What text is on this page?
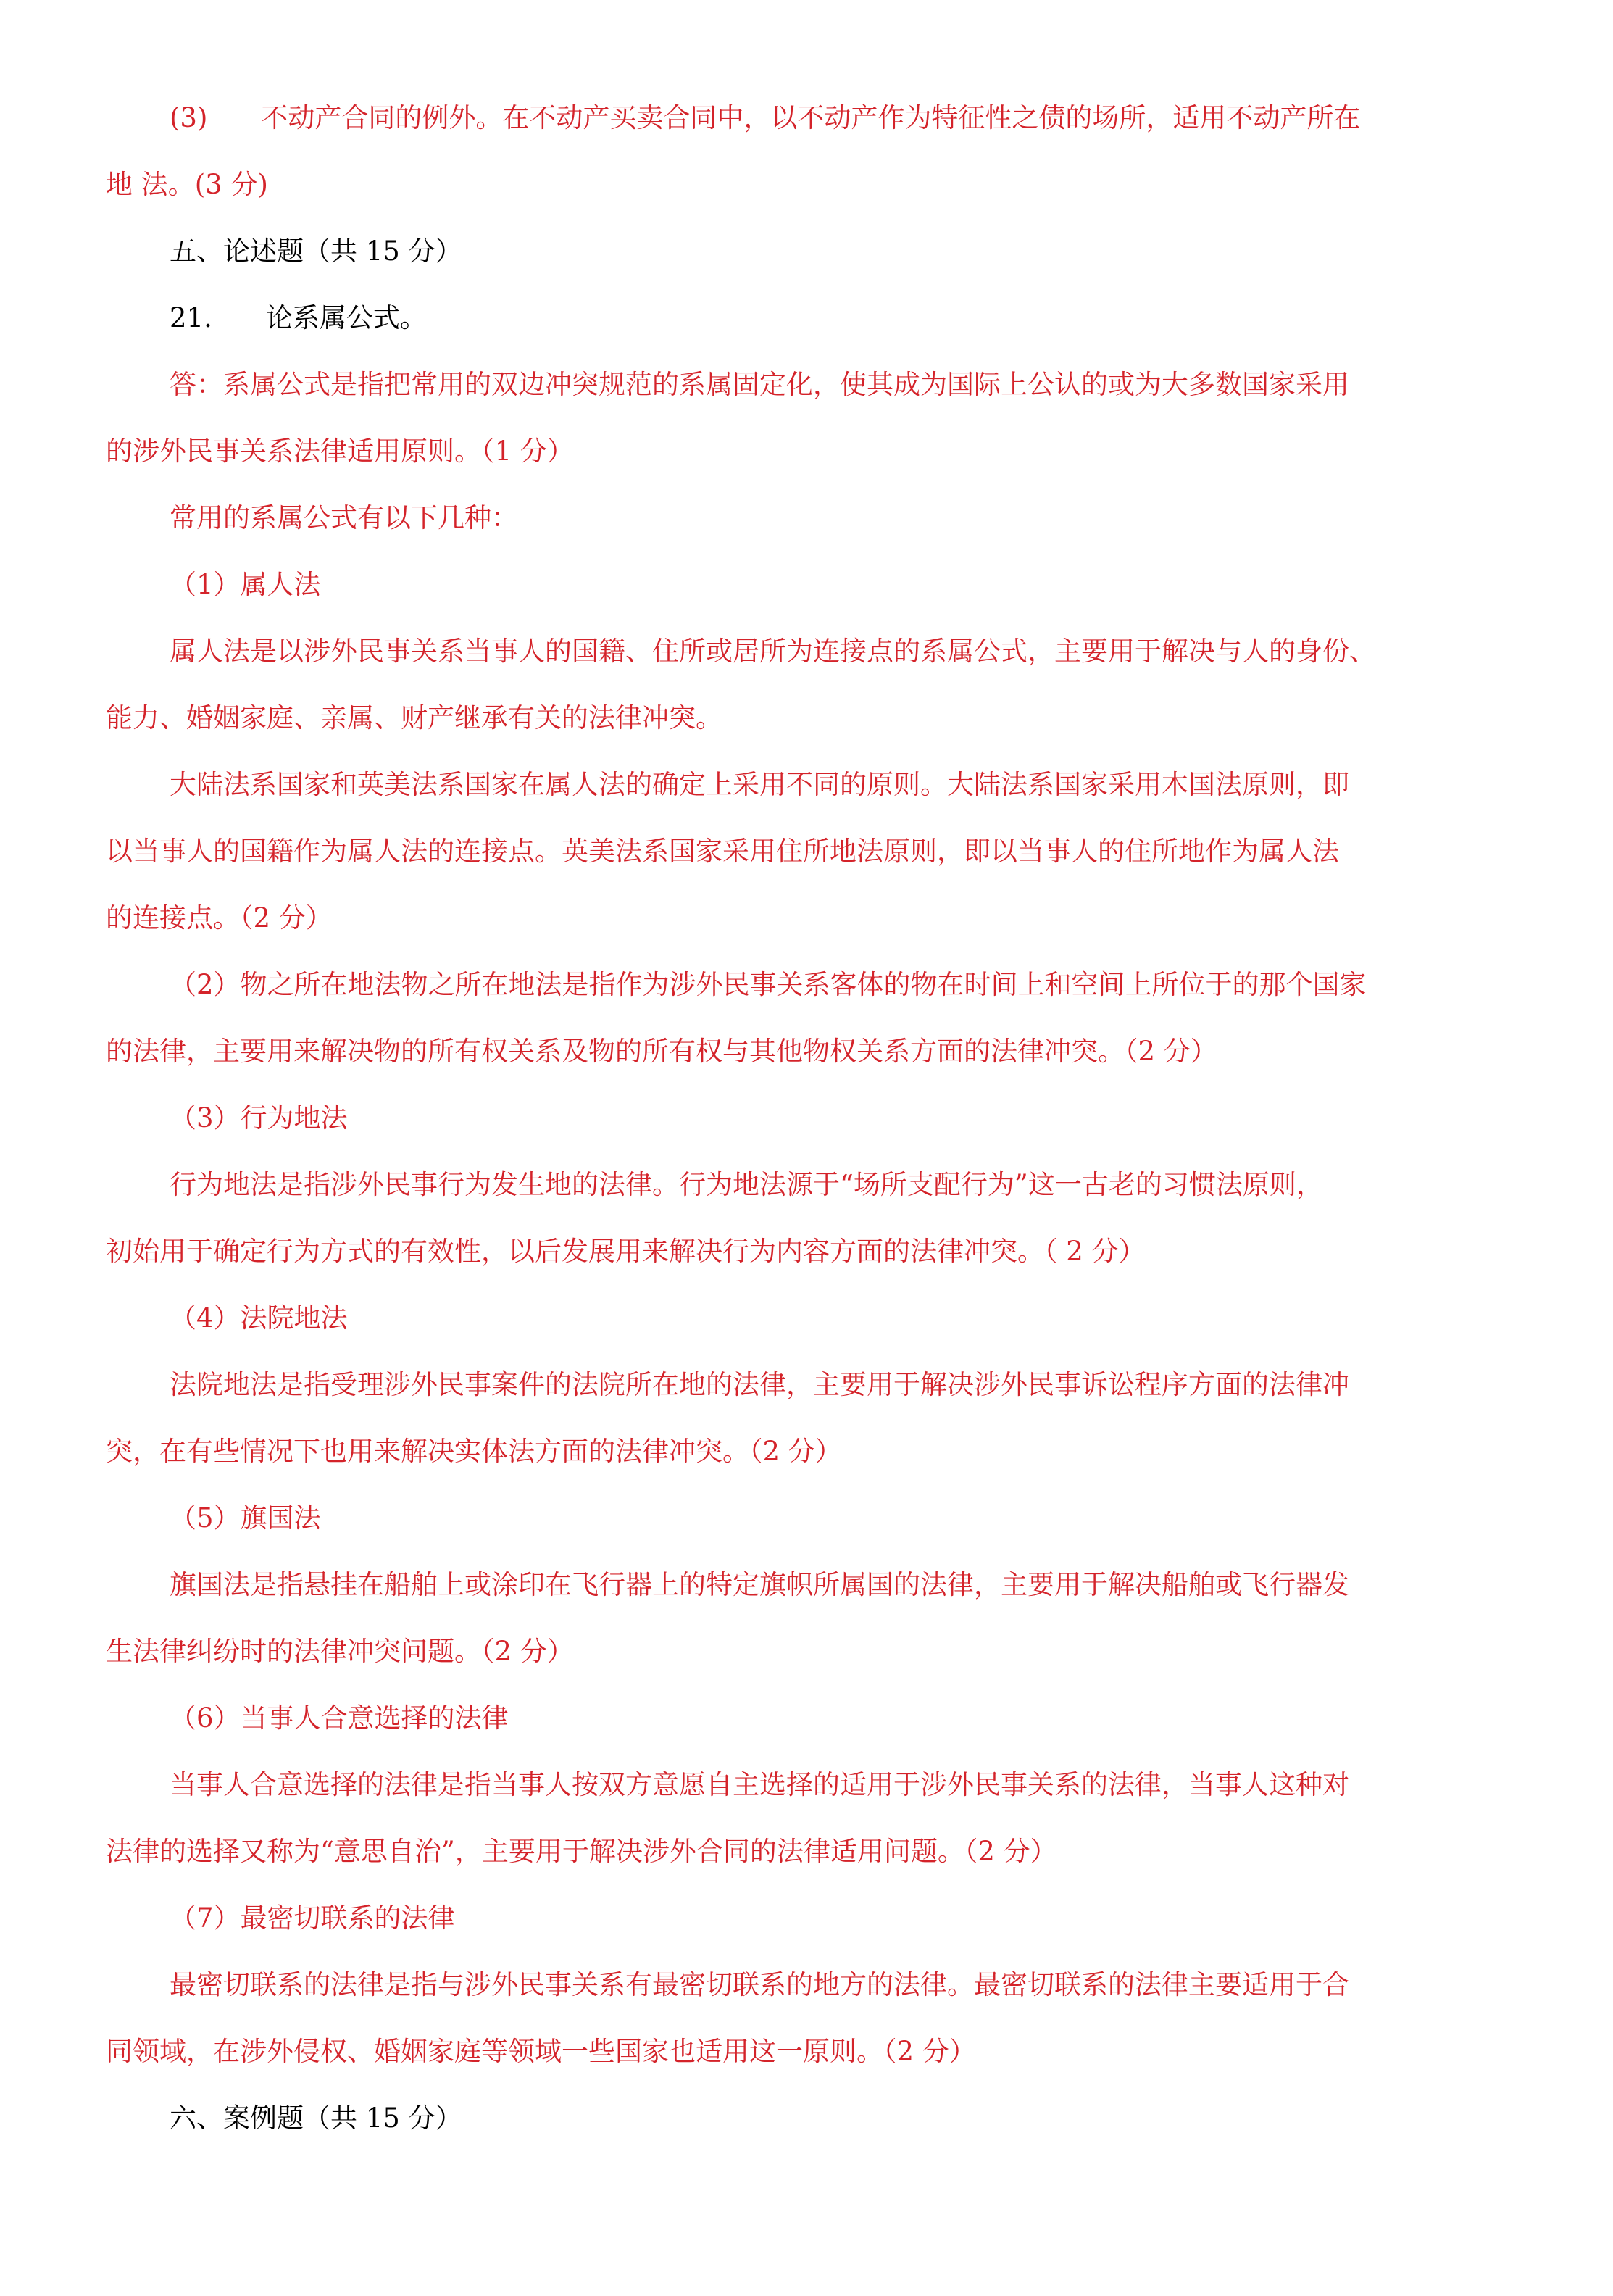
(3)　　不动产合同的例外。在不动产买卖合同中，以不动产作为特征性之债的场所，适用不动产所在
地 法。(3 分)
五、论述题（共 15 分）
21.　　论系属公式。
答：系属公式是指把常用的双边冲突规范的系属固定化，使其成为国际上公认的或为大多数国家采用
的涉外民事关系法律适用原则。（1 分）
常用的系属公式有以下几种：
（1）属人法
属人法是以涉外民事关系当事人的国籍、住所或居所为连接点的系属公式，主要用于解决与人的身份、
能力、婚姻家庭、亲属、财产继承有关的法律冲突。
大陆法系国家和英美法系国家在属人法的确定上采用不同的原则。大陆法系国家采用木国法原则，即
以当事人的国籍作为属人法的连接点。英美法系国家采用住所地法原则，即以当事人的住所地作为属人法
的连接点。（2 分）
（2）物之所在地法物之所在地法是指作为涉外民事关系客体的物在时间上和空间上所位于的那个国家
的法律，主要用来解决物的所有权关系及物的所有权与其他物权关系方面的法律冲突。（2 分）
（3）行为地法
行为地法是指涉外民事行为发生地的法律。行为地法源于“场所支配行为”这一古老的习惯法原则，
初始用于确定行为方式的有效性，以后发展用来解决行为内容方面的法律冲突。（ 2 分）
（4）法院地法
法院地法是指受理涉外民事案件的法院所在地的法律，主要用于解决涉外民事诉讼程序方面的法律冲
突，在有些情况下也用来解决实体法方面的法律冲突。（2 分）
（5）旗国法
旗国法是指悬挂在船舶上或涂印在飞行器上的特定旗帜所属国的法律，主要用于解决船舶或飞行器发
生法律纠纷时的法律冲突问题。（2 分）
（6）当事人合意选择的法律
当事人合意选择的法律是指当事人按双方意愿自主选择的适用于涉外民事关系的法律，当事人这种对
法律的选择又称为“意思自治”，主要用于解决涉外合同的法律适用问题。（2 分）
（7）最密切联系的法律
最密切联系的法律是指与涉外民事关系有最密切联系的地方的法律。最密切联系的法律主要适用于合
同领域，在涉外侵权、婚姻家庭等领域一些国家也适用这一原则。（2 分）
六、案例题（共 15 分）
